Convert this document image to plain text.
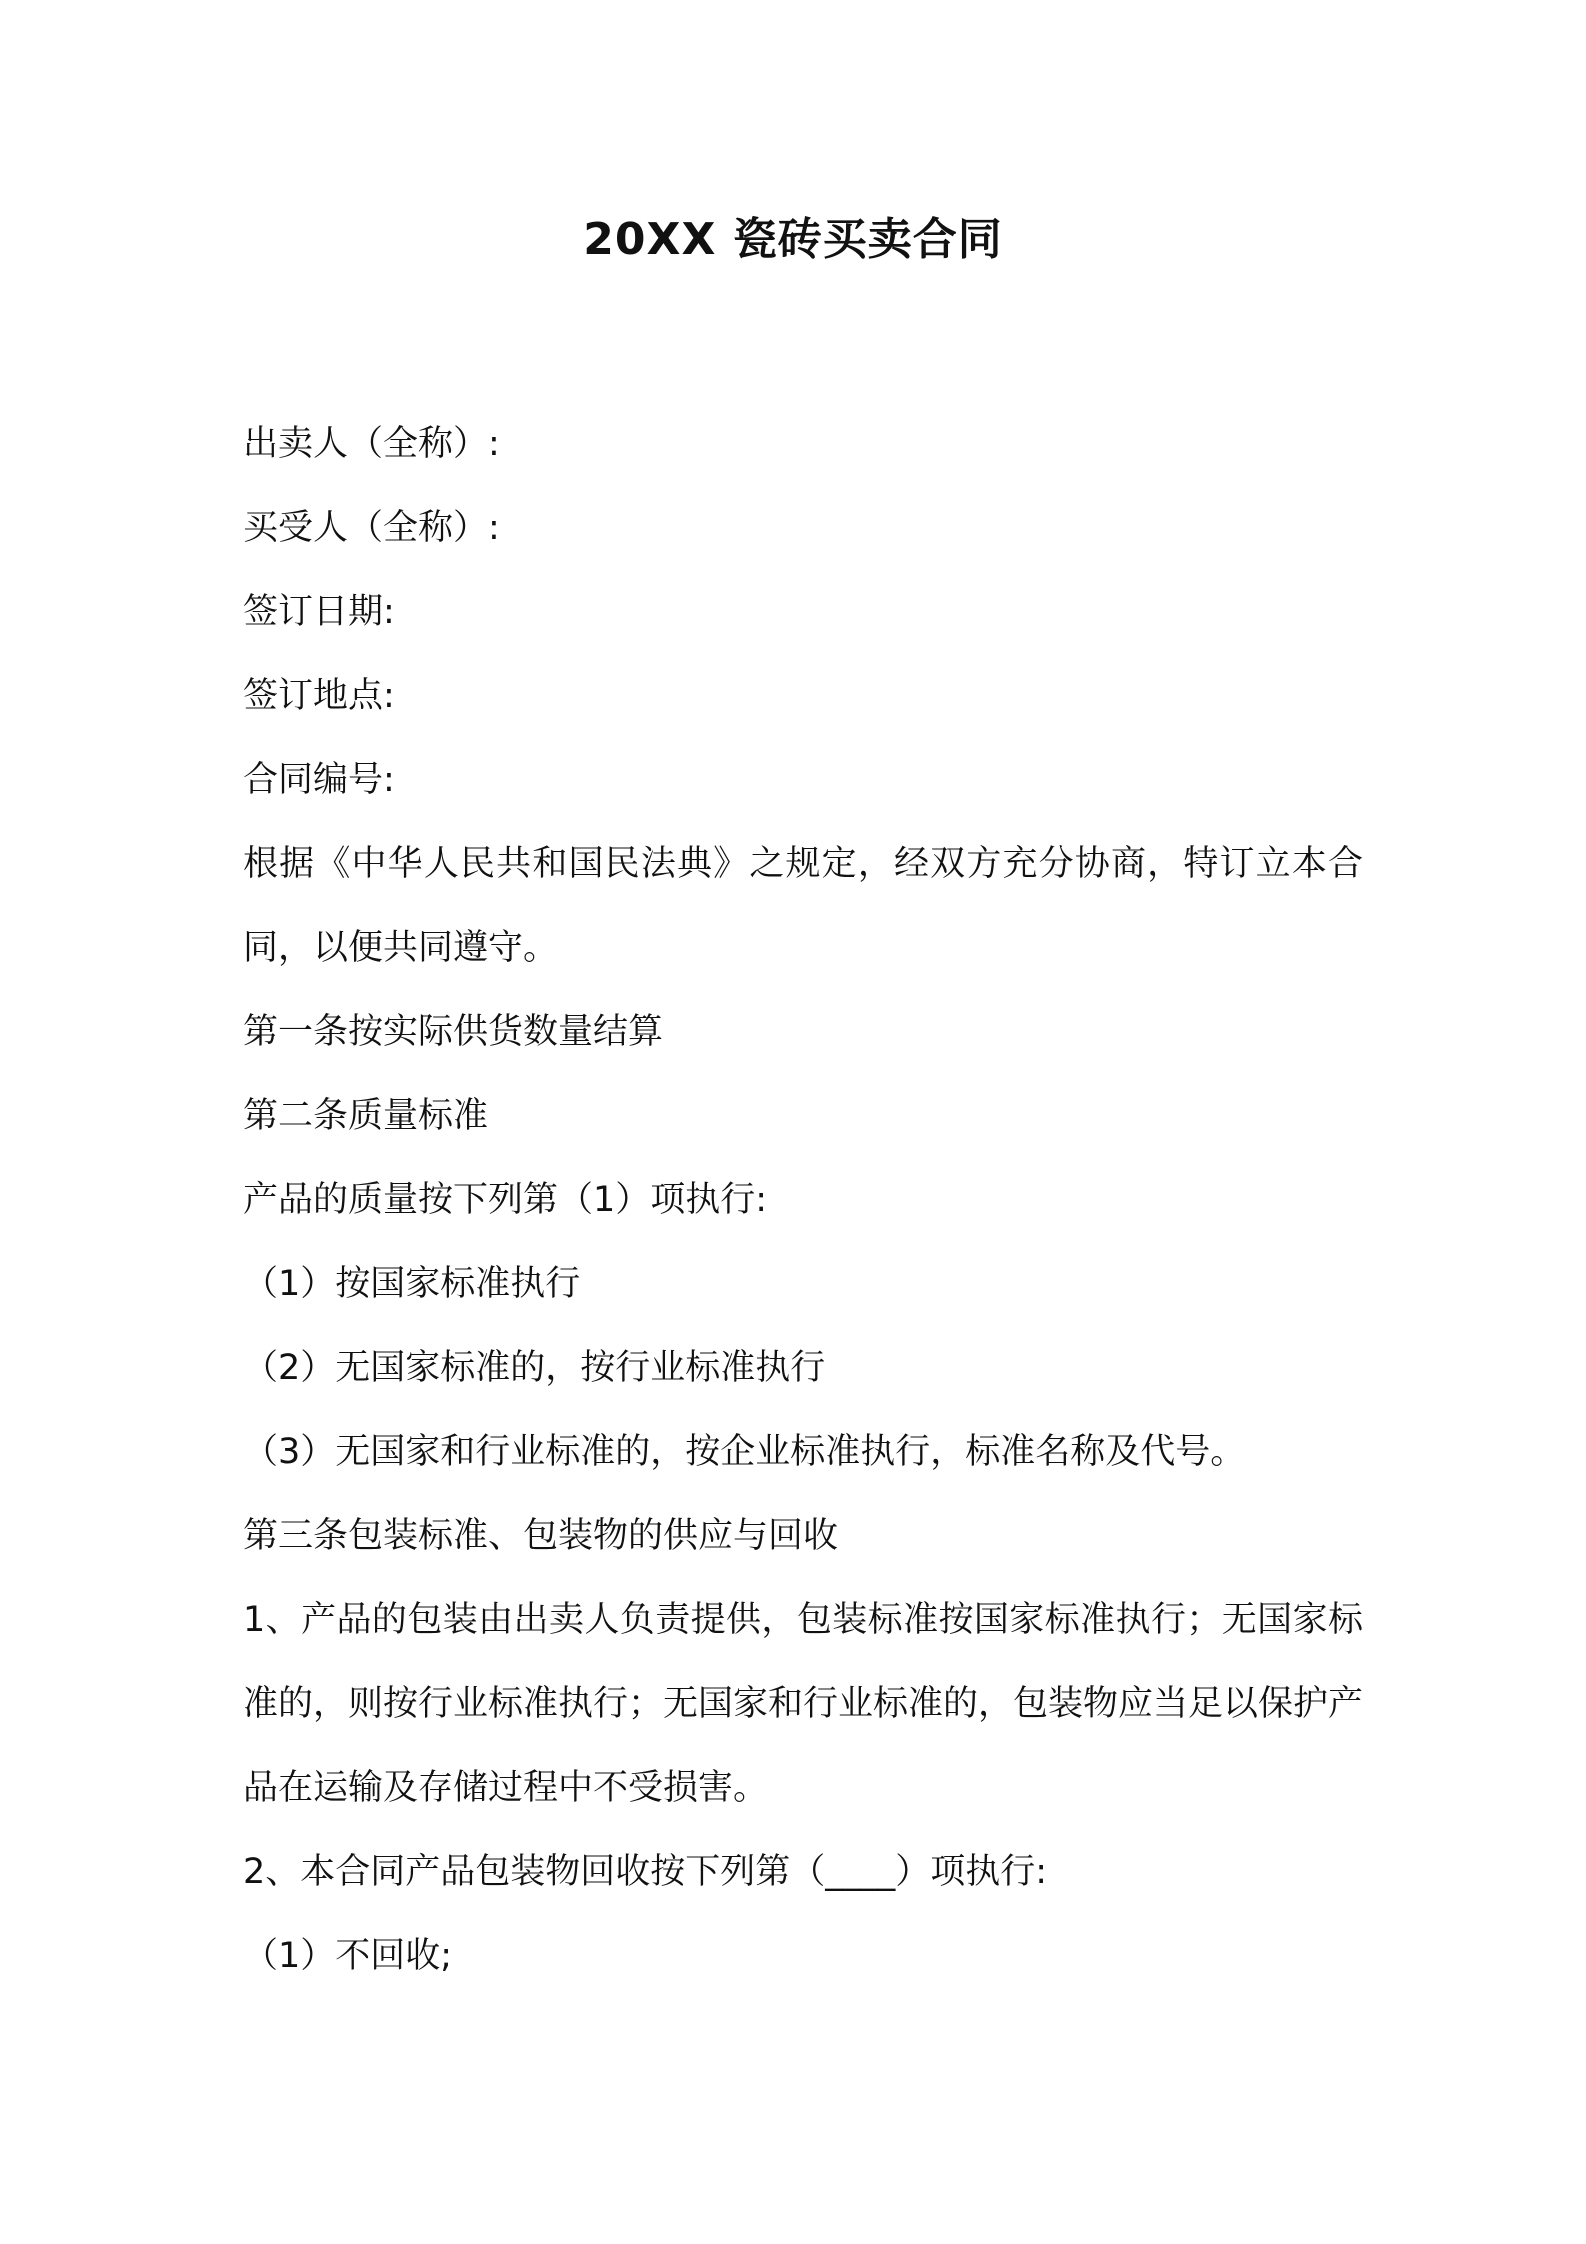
20XX 瓷砖买卖合同

出卖人（全称）:

买受人（全称）:

签订日期:

签订地点:

合同编号:

根据《中华人民共和国民法典》之规定，经双方充分协商，特订立本合同，以便共同遵守。

第一条按实际供货数量结算

第二条质量标准

产品的质量按下列第（1）项执行:

（1）按国家标准执行

（2）无国家标准的，按行业标准执行

（3）无国家和行业标准的，按企业标准执行，标准名称及代号。

第三条包装标准、包装物的供应与回收

1、产品的包装由出卖人负责提供，包装标准按国家标准执行；无国家标准的，则按行业标准执行；无国家和行业标准的，包装物应当足以保护产品在运输及存储过程中不受损害。

2、本合同产品包装物回收按下列第（____）项执行:

（1）不回收;
